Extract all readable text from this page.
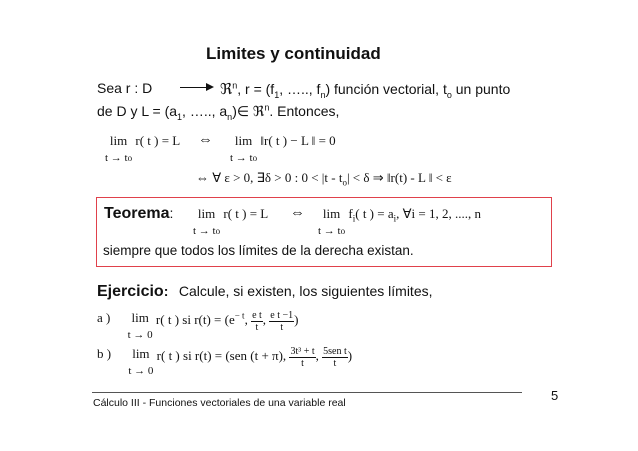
Limites y continuidad
Sea r : D	ℜ$^n$, $r = (f_1$, ….., $f_n$) función vectorial, $t_o$ un punto
de D y $L = (a_1$, ….., $a_n)\in$ ℜ$^n$. Entonces,
lim
t → to r( t ) = L ⇔	lim
t → to ‖r( t ) − L ‖ = 0
⇔ ∀ ε > 0, ∃δ > 0 : $0 < |t - t_o| < \delta$ ⇒ ‖r(t) - L ‖ < ε
Teorema:	lim
t → to r( t ) = L ⇔	lim
t → to $f_i$( t ) = $a_i$, ∀i = 1, 2, ...., n
siempre que todos los límites de la derecha existan.
Ejercicio: Calcule, si existen, los siguientes límites,
a ) lim
t → 0 r( t ) si $r(t) = (e^{- t}$, $\frac{\text{e t}}{t}$ , $\frac{\text{e t −1}}{t}$ )
b ) lim
t → 0 r( t ) si r(t) = (sen (t + π), $\frac{\text{3t³ + t}}{t}$ , $\frac{\text{5sen t}}{t}$ )
Cálculo III - Funciones vectoriales de una variable real	5
